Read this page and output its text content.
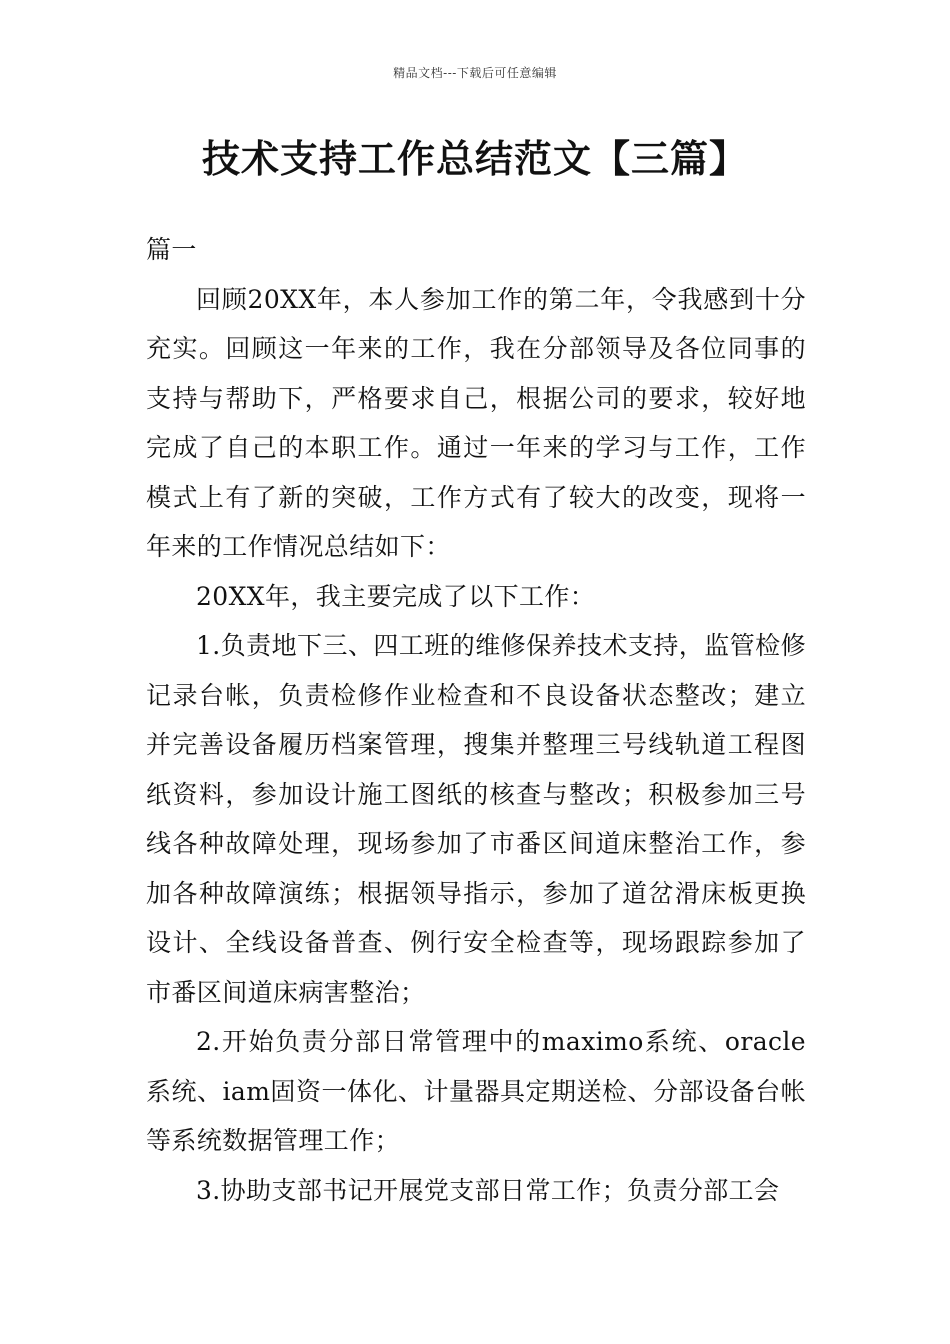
精品文档---下载后可任意编辑
技术支持工作总结范文【三篇】

篇一

回顾20XX年，本人参加工作的第二年，令我感到十分充实。回顾这一年来的工作，我在分部领导及各位同事的支持与帮助下，严格要求自己，根据公司的要求，较好地完成了自己的本职工作。通过一年来的学习与工作，工作模式上有了新的突破，工作方式有了较大的改变，现将一年来的工作情况总结如下：

20XX年，我主要完成了以下工作：

1.负责地下三、四工班的维修保养技术支持，监管检修记录台帐，负责检修作业检查和不良设备状态整改；建立并完善设备履历档案管理，搜集并整理三号线轨道工程图纸资料，参加设计施工图纸的核查与整改；积极参加三号线各种故障处理，现场参加了市番区间道床整治工作，参加各种故障演练；根据领导指示，参加了道岔滑床板更换设计、全线设备普查、例行安全检查等，现场跟踪参加了市番区间道床病害整治；

2.开始负责分部日常管理中的maximo系统、oracle系统、iam固资一体化、计量器具定期送检、分部设备台帐等系统数据管理工作；

3.协助支部书记开展党支部日常工作；负责分部工会
